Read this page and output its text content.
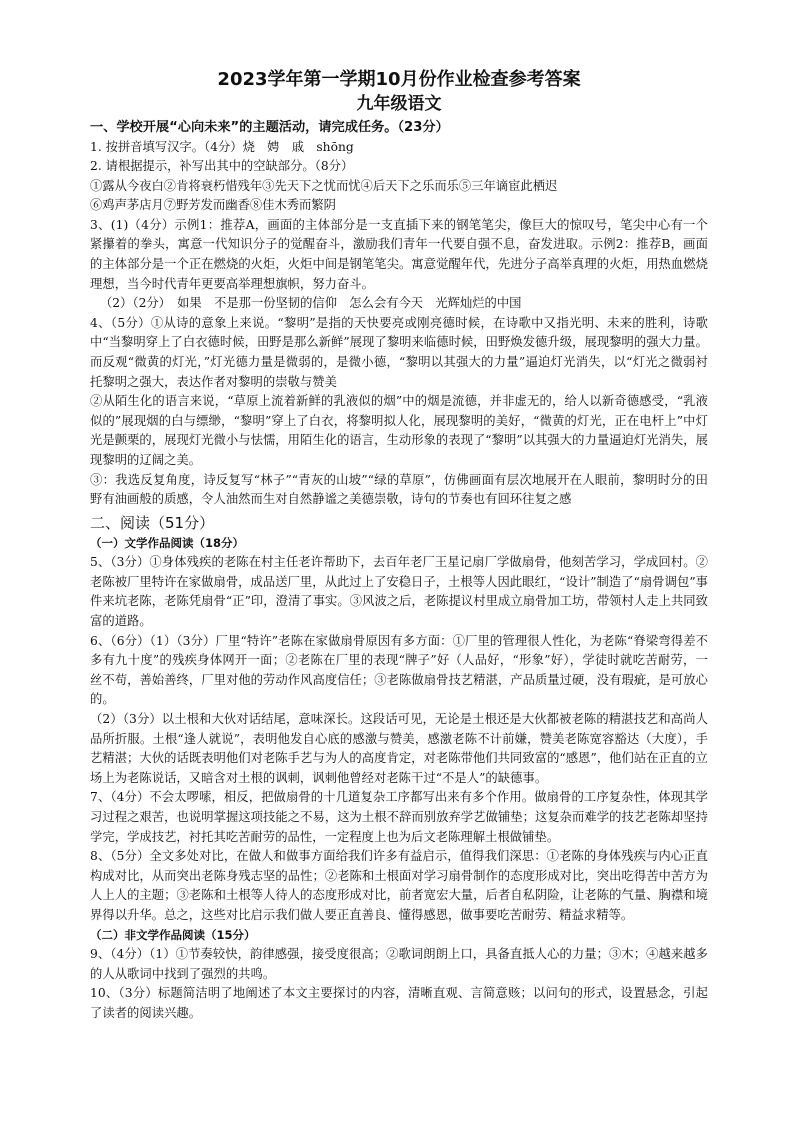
2023学年第一学期10月份作业检查参考答案
九年级语文
一、学校开展“心向未来”的主题活动，请完成任务。（23分）

1. 按拼音填写汉字。（4分）烧　娉　戚　shōng

2. 请根据提示，补写出其中的空缺部分。（8分）

①露从今夜白②肯将衰朽惜残年③先天下之忧而忧④后天下之乐而乐⑤三年谪宦此栖迟

⑥鸡声茅店月⑦野芳发而幽香⑧佳木秀而繁阴

3、(1)（4分）示例1：推荐A，画面的主体部分是一支直插下来的钢笔笔尖，像巨大的惊叹号，笔尖中心有一个紧攥着的拳头，寓意一代知识分子的觉醒奋斗，激励我们青年一代要自强不息，奋发进取。示例2：推荐B，画面的主体部分是一个正在燃烧的火炬，火炬中间是钢笔笔尖。寓意觉醒年代，先进分子高举真理的火炬，用热血燃烧理想，当今时代青年更要高举理想旗帜，努力奋斗。

（2）（2分）　如果　不是那一份坚韧的信仰　怎么会有今天　光辉灿烂的中国

4、（5分）①从诗的意象上来说。“黎明”是指的天快要亮或刚亮德时候，在诗歌中又指光明、未来的胜利，诗歌中“当黎明穿上了白衣德时候，田野是那么新鲜”展现了黎明来临德时候，田野焕发德升级，展现黎明的强大力量。而反观“微黄的灯光，”灯光德力量是微弱的，是微小德，“黎明以其强大的力量”逼迫灯光消失，以“灯光之微弱衬托黎明之强大，表达作者对黎明的崇敬与赞美

②从陌生化的语言来说，“草原上流着新鲜的乳液似的烟”中的烟是流德，并非虚无的，给人以新奇德感受，“乳液似的”展现烟的白与缥缈，“黎明”穿上了白衣，将黎明拟人化，展现黎明的美好，“微黄的灯光，正在电杆上”中灯光是颤栗的，展现灯光微小与怯懦，用陌生化的语言，生动形象的表现了“黎明”以其强大的力量逼迫灯光消失，展现黎明的辽阔之美。

③：我选反复角度，诗反复写“林子”“青灰的山坡”“绿的草原”，仿佛画面有层次地展开在人眼前，黎明时分的田野有油画般的质感，令人油然而生对自然静谧之美德崇敬，诗句的节奏也有回环往复之感

二、阅读（51分）
（一）文学作品阅读（18分）

5、（3分）①身体残疾的老陈在村主任老许帮助下，去百年老厂王星记扇厂学做扇骨，他刻苦学习，学成回村。②老陈被厂里特许在家做扇骨，成品送厂里，从此过上了安稳日子，土根等人因此眼红，“设计”制造了“扇骨调包”事件来坑老陈，老陈凭扇骨“正”印，澄清了事实。③风波之后，老陈提议村里成立扇骨加工坊，带领村人走上共同致富的道路。

6、（6分）（1）（3分）厂里“特许”老陈在家做扇骨原因有多方面：①厂里的管理很人性化，为老陈“脊梁弯得差不多有九十度”的残疾身体网开一面；②老陈在厂里的表现“牌子”好（人品好，“形象”好），学徒时就吃苦耐劳，一丝不苟，善始善终，厂里对他的劳动作风高度信任；③老陈做扇骨技艺精湛，产品质量过硬，没有瑕疵，是可放心的。

（2）（3分）以土根和大伙对话结尾，意味深长。这段话可见，无论是土根还是大伙都被老陈的精湛技艺和高尚人品所折服。土根“逢人就说”，表明他发自心底的感激与赞美，感激老陈不计前嫌，赞美老陈宽容豁达（大度），手艺精湛；大伙的话既表明他们对老陈手艺与为人的高度肯定，对老陈带他们共同致富的“感恩”，他们站在正直的立场上为老陈说话，又暗含对土根的讽刺，讽刺他曾经对老陈干过“不是人”的缺德事。

7、（4分）不会太啰嗦，相反，把做扇骨的十几道复杂工序都写出来有多个作用。做扇骨的工序复杂性，体现其学习过程之艰苦，也说明掌握这项技能之不易，这为土根不辞而别放弃学艺做铺垫；这复杂而难学的技艺老陈却坚持学完，学成技艺，衬托其吃苦耐劳的品性，一定程度上也为后文老陈理解土根做铺垫。

8、（5分）全文多处对比，在做人和做事方面给我们许多有益启示，值得我们深思：①老陈的身体残疾与内心正直构成对比，从而突出老陈身残志坚的品性；②老陈和土根面对学习扇骨制作的态度形成对比，突出吃得苦中苦方为人上人的主题；③老陈和土根等人待人的态度形成对比，前者宽宏大量，后者自私阴险，让老陈的气量、胸襟和境界得以升华。总之，这些对比启示我们做人要正直善良、懂得感恩，做事要吃苦耐劳、精益求精等。

（二）非文学作品阅读（15分）

9、（4分）（1）①节奏较快，韵律感强，接受度很高；②歌词朗朗上口，具备直抵人心的力量；③木；④越来越多的人从歌词中找到了强烈的共鸣。

10、（3分）标题简洁明了地阐述了本文主要探讨的内容，清晰直观、言简意赅；以问句的形式，设置悬念，引起了读者的阅读兴趣。
